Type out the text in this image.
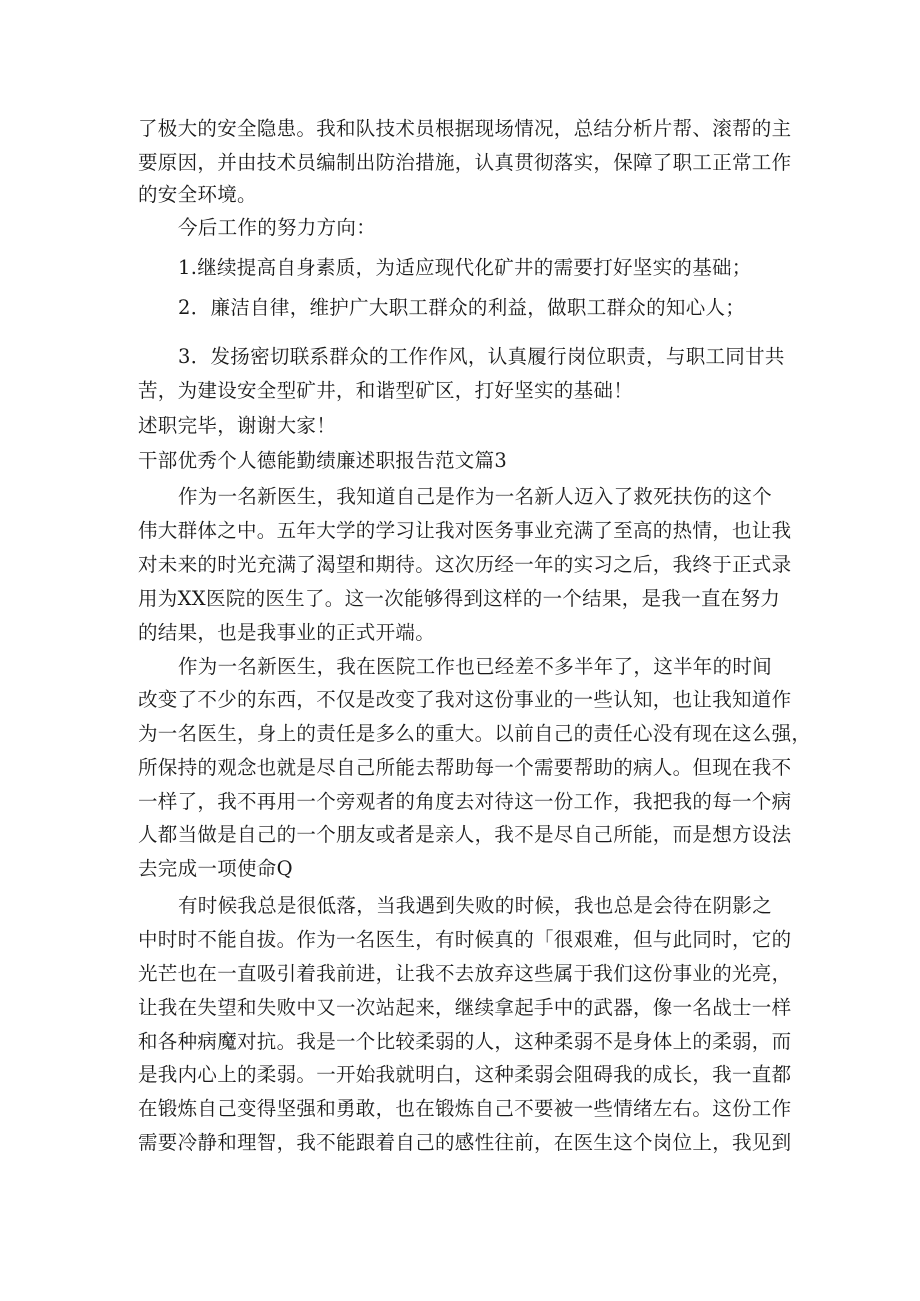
了极大的安全隐患。我和队技术员根据现场情况，总结分析片帮、滚帮的主
要原因，并由技术员编制出防治措施，认真贯彻落实，保障了职工正常工作
的安全环境。
今后工作的努力方向：
1.继续提高自身素质，为适应现代化矿井的需要打好坚实的基础；
2．廉洁自律，维护广大职工群众的利益，做职工群众的知心人；
3．发扬密切联系群众的工作作风，认真履行岗位职责，与职工同甘共
苦，为建设安全型矿井，和谐型矿区，打好坚实的基础！
述职完毕，谢谢大家！
干部优秀个人德能勤绩廉述职报告范文篇3
作为一名新医生，我知道自己是作为一名新人迈入了救死扶伤的这个
伟大群体之中。五年大学的学习让我对医务事业充满了至高的热情，也让我
对未来的时光充满了渴望和期待。这次历经一年的实习之后，我终于正式录
用为XX医院的医生了。这一次能够得到这样的一个结果，是我一直在努力
的结果，也是我事业的正式开端。
作为一名新医生，我在医院工作也已经差不多半年了，这半年的时间
改变了不少的东西，不仅是改变了我对这份事业的一些认知，也让我知道作
为一名医生，身上的责任是多么的重大。以前自己的责任心没有现在这么强，
所保持的观念也就是尽自己所能去帮助每一个需要帮助的病人。但现在我不
一样了，我不再用一个旁观者的角度去对待这一份工作，我把我的每一个病
人都当做是自己的一个朋友或者是亲人，我不是尽自己所能，而是想方设法
去完成一项使命Q
有时候我总是很低落，当我遇到失败的时候，我也总是会待在阴影之
中时时不能自拔。作为一名医生，有时候真的「很艰难，但与此同时，它的
光芒也在一直吸引着我前进，让我不去放弃这些属于我们这份事业的光亮，
让我在失望和失败中又一次站起来，继续拿起手中的武器，像一名战士一样
和各种病魔对抗。我是一个比较柔弱的人，这种柔弱不是身体上的柔弱，而
是我内心上的柔弱。一开始我就明白，这种柔弱会阻碍我的成长，我一直都
在锻炼自己变得坚强和勇敢，也在锻炼自己不要被一些情绪左右。这份工作
需要冷静和理智，我不能跟着自己的感性往前，在医生这个岗位上，我见到
